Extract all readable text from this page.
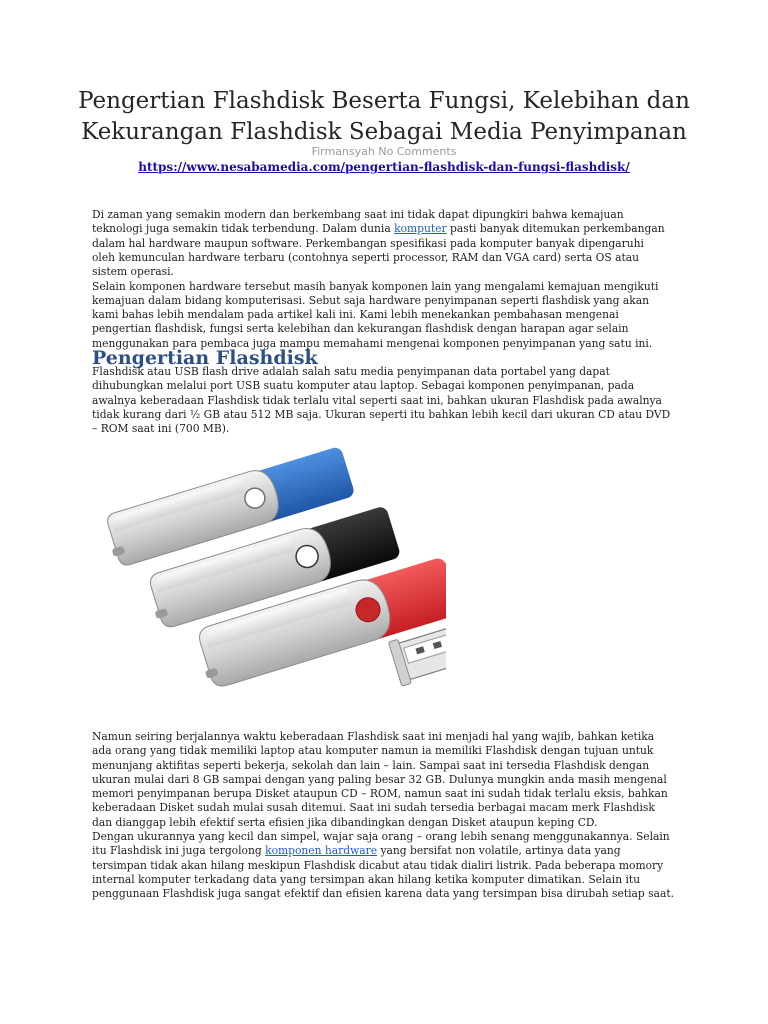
Pengertian Flashdisk Beserta Fungsi, Kelebihan dan
Kekurangan Flashdisk Sebagai Media Penyimpanan
Firmansyah No Comments
https://www.nesabamedia.com/pengertian-flashdisk-dan-fungsi-flashdisk/

Di zaman yang semakin modern dan berkembang saat ini tidak dapat dipungkiri bahwa kemajuan
teknologi juga semakin tidak terbendung. Dalam dunia komputer pasti banyak ditemukan perkembangan
dalam hal hardware maupun software. Perkembangan spesifikasi pada komputer banyak dipengaruhi
oleh kemunculan hardware terbaru (contohnya seperti processor, RAM dan VGA card) serta OS atau
sistem operasi.

Selain komponen hardware tersebut masih banyak komponen lain yang mengalami kemajuan mengikuti
kemajuan dalam bidang komputerisasi. Sebut saja hardware penyimpanan seperti flashdisk yang akan
kami bahas lebih mendalam pada artikel kali ini. Kami lebih menekankan pembahasan mengenai
pengertian flashdisk, fungsi serta kelebihan dan kekurangan flashdisk dengan harapan agar selain
menggunakan para pembaca juga mampu memahami mengenai komponen penyimpanan yang satu ini.

Pengertian Flashdisk

Flashdisk atau USB flash drive adalah salah satu media penyimpanan data portabel yang dapat
dihubungkan melalui port USB suatu komputer atau laptop. Sebagai komponen penyimpanan, pada
awalnya keberadaan Flashdisk tidak terlalu vital seperti saat ini, bahkan ukuran Flashdisk pada awalnya
tidak kurang dari ½ GB atau 512 MB saja. Ukuran seperti itu bahkan lebih kecil dari ukuran CD atau DVD
– ROM saat ini (700 MB).

Namun seiring berjalannya waktu keberadaan Flashdisk saat ini menjadi hal yang wajib, bahkan ketika
ada orang yang tidak memiliki laptop atau komputer namun ia memiliki Flashdisk dengan tujuan untuk
menunjang aktifitas seperti bekerja, sekolah dan lain – lain. Sampai saat ini tersedia Flashdisk dengan
ukuran mulai dari 8 GB sampai dengan yang paling besar 32 GB. Dulunya mungkin anda masih mengenal
memori penyimpanan berupa Disket ataupun CD – ROM, namun saat ini sudah tidak terlalu eksis, bahkan
keberadaan Disket sudah mulai susah ditemui. Saat ini sudah tersedia berbagai macam merk Flashdisk
dan dianggap lebih efektif serta efisien jika dibandingkan dengan Disket ataupun keping CD.

Dengan ukurannya yang kecil dan simpel, wajar saja orang – orang lebih senang menggunakannya. Selain
itu Flashdisk ini juga tergolong komponen hardware yang bersifat non volatile, artinya data yang
tersimpan tidak akan hilang meskipun Flashdisk dicabut atau tidak dialiri listrik. Pada beberapa momory
internal komputer terkadang data yang tersimpan akan hilang ketika komputer dimatikan. Selain itu
penggunaan Flashdisk juga sangat efektif dan efisien karena data yang tersimpan bisa dirubah setiap saat.
